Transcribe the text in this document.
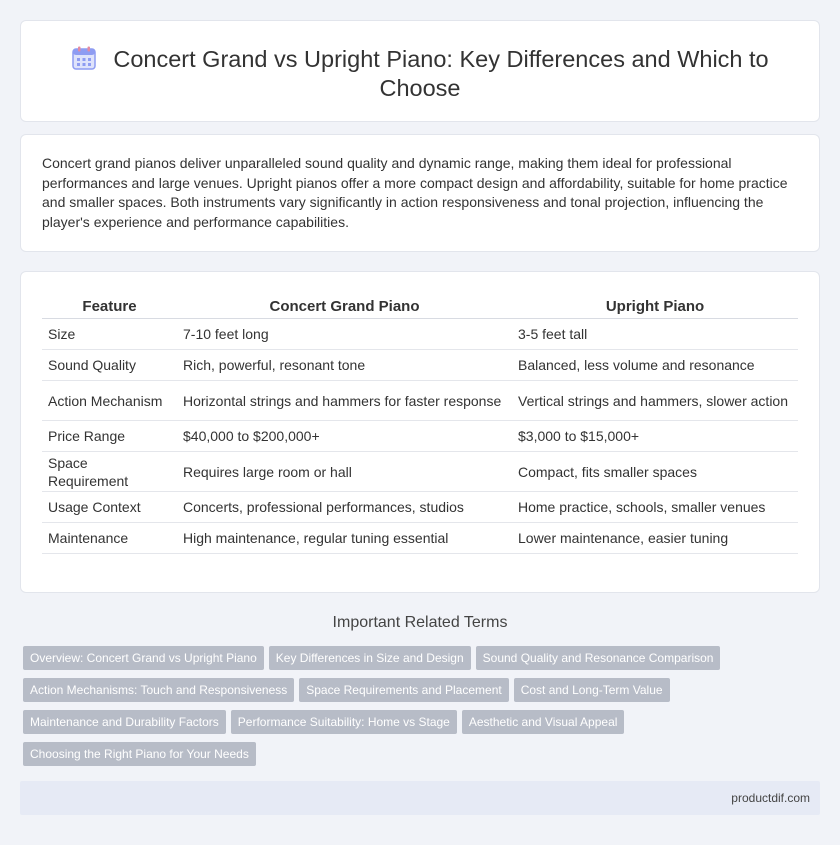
Concert Grand vs Upright Piano: Key Differences and Which to Choose

Concert grand pianos deliver unparalleled sound quality and dynamic range, making them ideal for professional performances and large venues. Upright pianos offer a more compact design and affordability, suitable for home practice and smaller spaces. Both instruments vary significantly in action responsiveness and tonal projection, influencing the player's experience and performance capabilities.

Feature	Concert Grand Piano	Upright Piano
Size	7-10 feet long	3-5 feet tall
Sound Quality	Rich, powerful, resonant tone	Balanced, less volume and resonance
Action Mechanism	Horizontal strings and hammers for faster response	Vertical strings and hammers, slower action
Price Range	$40,000 to $200,000+	$3,000 to $15,000+
Space Requirement	Requires large room or hall	Compact, fits smaller spaces
Usage Context	Concerts, professional performances, studios	Home practice, schools, smaller venues
Maintenance	High maintenance, regular tuning essential	Lower maintenance, easier tuning
Important Related Terms
Overview: Concert Grand vs Upright Piano Key Differences in Size and Design Sound Quality and Resonance Comparison
Action Mechanisms: Touch and Responsiveness Space Requirements and Placement Cost and Long-Term Value
Maintenance and Durability Factors Performance Suitability: Home vs Stage Aesthetic and Visual Appeal
Choosing the Right Piano for Your Needs
productdif.com
